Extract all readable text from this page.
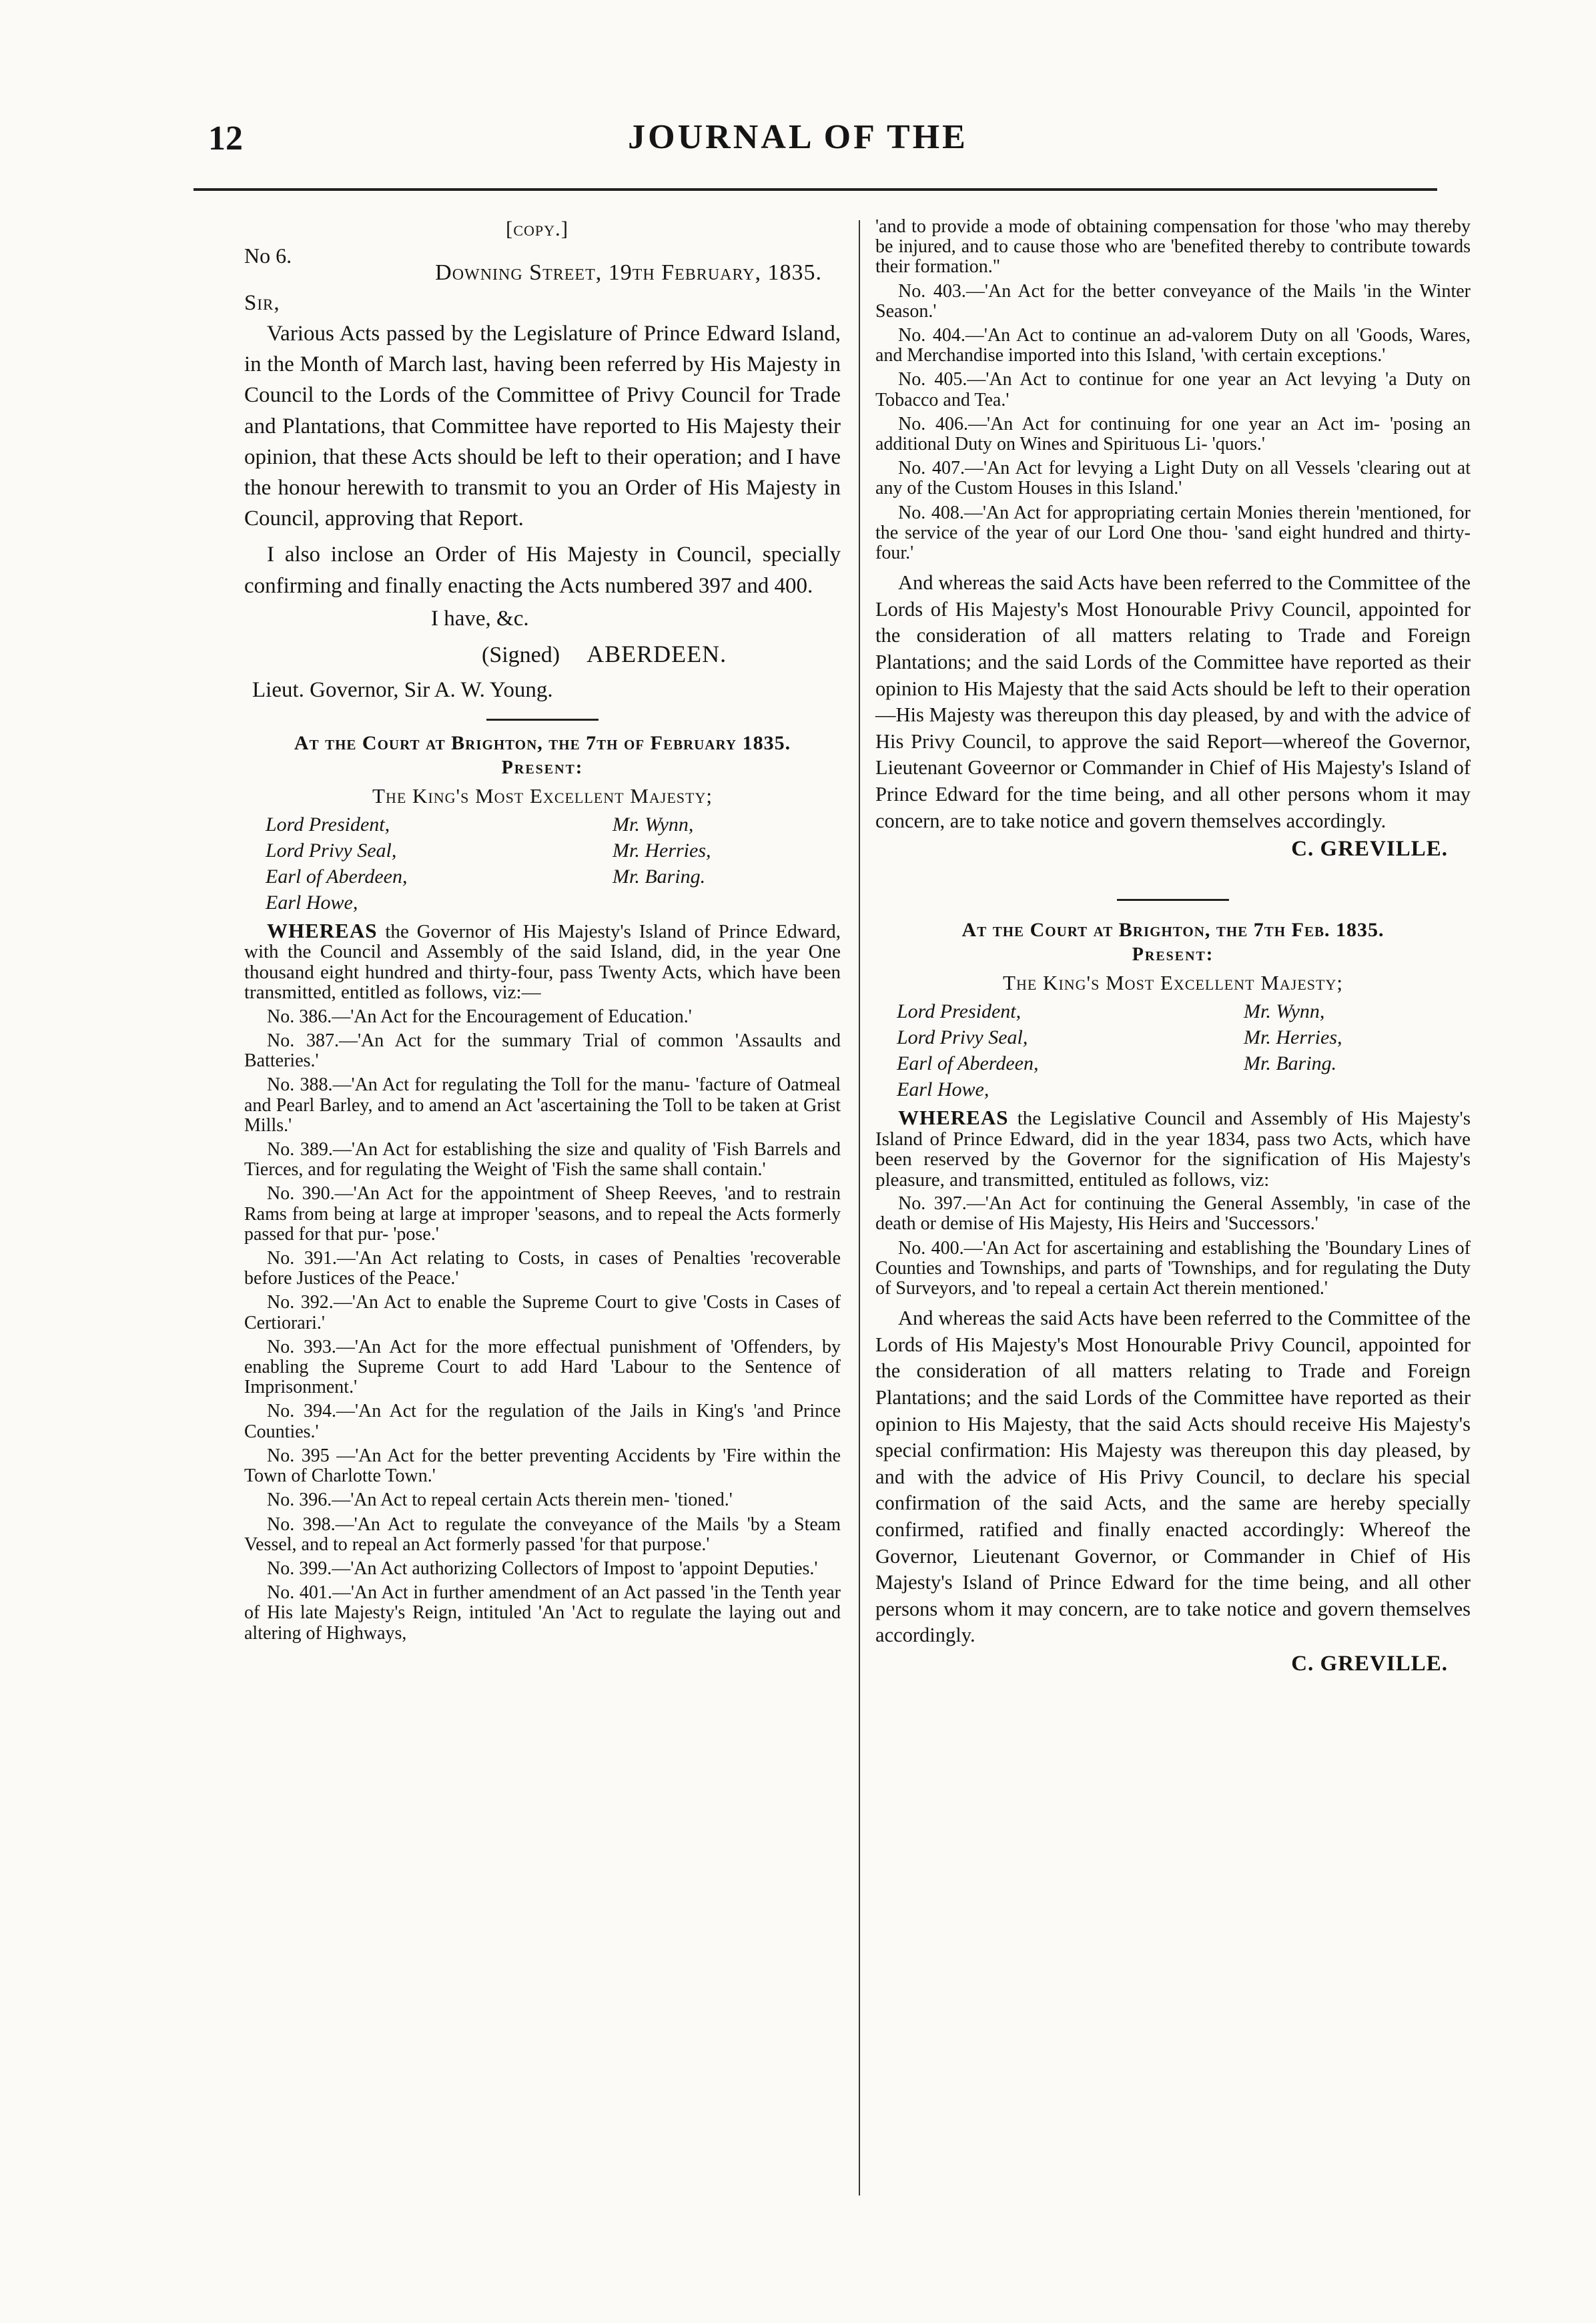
12	JOURNAL OF THE
[copy.]
No 6.
Downing Street, 19th February, 1835.
Sir,

Various Acts passed by the Legislature of Prince Edward Island, in the Month of March last, having been referred by His Majesty in Council to the Lords of the Committee of Privy Council for Trade and Plantations, that Committee have reported to His Majesty their opinion, that these Acts should be left to their operation; and I have the honour herewith to transmit to you an Order of His Majesty in Council, approving that Report.

I also inclose an Order of His Majesty in Council, specially confirming and finally enacting the Acts numbered 397 and 400.

I have, &c.
(Signed) ABERDEEN.
Lieut. Governor, Sir A. W. Young.
At the Court at Brighton, the 7th of February 1835.
Present:
The King's Most Excellent Majesty;
Lord President,
Lord Privy Seal,
Earl of Aberdeen,
Earl Howe,
Mr. Wynn,
Mr. Herries,
Mr. Baring.

WHEREAS the Governor of His Majesty's Island of Prince Edward, with the Council and Assembly of the said Island, did, in the year One thousand eight hundred and thirty-four, pass Twenty Acts, which have been transmitted, entitled as follows, viz:—

No. 386.—'An Act for the Encouragement of Education.'

No. 387.—'An Act for the summary Trial of common 'Assaults and Batteries.'

No. 388.—'An Act for regulating the Toll for the manu- 'facture of Oatmeal and Pearl Barley, and to amend an Act 'ascertaining the Toll to be taken at Grist Mills.'

No. 389.—'An Act for establishing the size and quality of 'Fish Barrels and Tierces, and for regulating the Weight of 'Fish the same shall contain.'

No. 390.—'An Act for the appointment of Sheep Reeves, 'and to restrain Rams from being at large at improper 'seasons, and to repeal the Acts formerly passed for that pur- 'pose.'

No. 391.—'An Act relating to Costs, in cases of Penalties 'recoverable before Justices of the Peace.'

No. 392.—'An Act to enable the Supreme Court to give 'Costs in Cases of Certiorari.'

No. 393.—'An Act for the more effectual punishment of 'Offenders, by enabling the Supreme Court to add Hard 'Labour to the Sentence of Imprisonment.'

No. 394.—'An Act for the regulation of the Jails in King's 'and Prince Counties.'

No. 395 —'An Act for the better preventing Accidents by 'Fire within the Town of Charlotte Town.'

No. 396.—'An Act to repeal certain Acts therein men- 'tioned.'

No. 398.—'An Act to regulate the conveyance of the Mails 'by a Steam Vessel, and to repeal an Act formerly passed 'for that purpose.'

No. 399.—'An Act authorizing Collectors of Impost to 'appoint Deputies.'

No. 401.—'An Act in further amendment of an Act passed 'in the Tenth year of His late Majesty's Reign, intituled 'An 'Act to regulate the laying out and altering of Highways,

'and to provide a mode of obtaining compensation for those 'who may thereby be injured, and to cause those who are 'benefited thereby to contribute towards their formation."

No. 403.—'An Act for the better conveyance of the Mails 'in the Winter Season.'

No. 404.—'An Act to continue an ad-valorem Duty on all 'Goods, Wares, and Merchandise imported into this Island, 'with certain exceptions.'

No. 405.—'An Act to continue for one year an Act levying 'a Duty on Tobacco and Tea.'

No. 406.—'An Act for continuing for one year an Act im- 'posing an additional Duty on Wines and Spirituous Li- 'quors.'

No. 407.—'An Act for levying a Light Duty on all Vessels 'clearing out at any of the Custom Houses in this Island.'

No. 408.—'An Act for appropriating certain Monies therein 'mentioned, for the service of the year of our Lord One thou- 'sand eight hundred and thirty-four.'

And whereas the said Acts have been referred to the Committee of the Lords of His Majesty's Most Honourable Privy Council, appointed for the consideration of all matters relating to Trade and Foreign Plantations; and the said Lords of the Committee have reported as their opinion to His Majesty that the said Acts should be left to their operation—His Majesty was thereupon this day pleased, by and with the advice of His Privy Council, to approve the said Report—whereof the Governor, Lieutenant Goveernor or Commander in Chief of His Majesty's Island of Prince Edward for the time being, and all other persons whom it may concern, are to take notice and govern themselves accordingly.

C. GREVILLE.
At the Court at Brighton, the 7th Feb. 1835.
Present:
The King's Most Excellent Majesty;
Lord President,
Lord Privy Seal,
Earl of Aberdeen,
Earl Howe,
Mr. Wynn,
Mr. Herries,
Mr. Baring.

WHEREAS the Legislative Council and Assembly of His Majesty's Island of Prince Edward, did in the year 1834, pass two Acts, which have been reserved by the Governor for the signification of His Majesty's pleasure, and transmitted, entituled as follows, viz:

No. 397.—'An Act for continuing the General Assembly, 'in case of the death or demise of His Majesty, His Heirs and 'Successors.'

No. 400.—'An Act for ascertaining and establishing the 'Boundary Lines of Counties and Townships, and parts of 'Townships, and for regulating the Duty of Surveyors, and 'to repeal a certain Act therein mentioned.'

And whereas the said Acts have been referred to the Committee of the Lords of His Majesty's Most Honourable Privy Council, appointed for the consideration of all matters relating to Trade and Foreign Plantations; and the said Lords of the Committee have reported as their opinion to His Majesty, that the said Acts should receive His Majesty's special confirmation: His Majesty was thereupon this day pleased, by and with the advice of His Privy Council, to declare his special confirmation of the said Acts, and the same are hereby specially confirmed, ratified and finally enacted accordingly: Whereof the Governor, Lieutenant Governor, or Commander in Chief of His Majesty's Island of Prince Edward for the time being, and all other persons whom it may concern, are to take notice and govern themselves accordingly.

C. GREVILLE.
